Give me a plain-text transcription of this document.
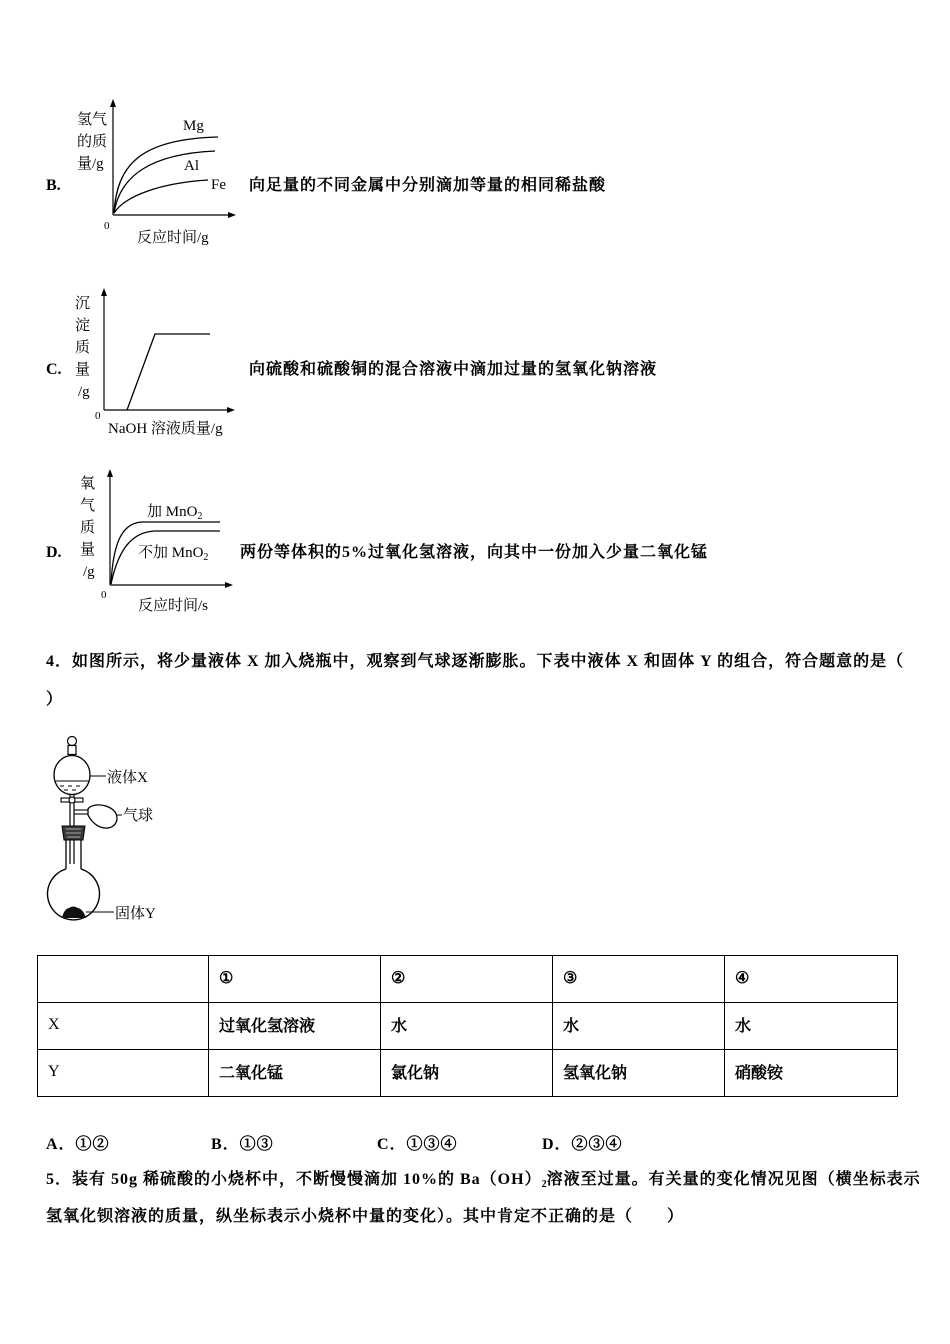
B.
Mg
Al
Fe
氢气
的质
量/g
0
反应时间/g
向足量的不同金属中分别滴加等量的相同稀盐酸
C.
沉
淀
质
量
/g
0
NaOH 溶液质量/g
向硫酸和硫酸铜的混合溶液中滴加过量的氢氧化钠溶液
D.
加 MnO$_2$
不加 MnO$_2$
氧
气
质
量
/g
0
反应时间/s
两份等体积的5%过氧化氢溶液，向其中一份加入少量二氧化锰
4．如图所示，将少量液体 X 加入烧瓶中，观察到气球逐渐膨胀。下表中液体 X 和固体 Y 的组合，符合题意的是（
）
液体X
气球
固体Y
	①	②	③	④
X	过氧化氢溶液	水	水	水
Y	二氧化锰	氯化钠	氢氧化钠	硝酸铵
A．①②	B．①③	C．①③④	D．②③④
5．装有 50g 稀硫酸的小烧杯中，不断慢慢滴加 10%的 $Ba(OH)_2$溶液至过量。有关量的变化情况见图（横坐标表示
氢氧化钡溶液的质量，纵坐标表示小烧杯中量的变化）。其中肯定不正确的是（　　）
